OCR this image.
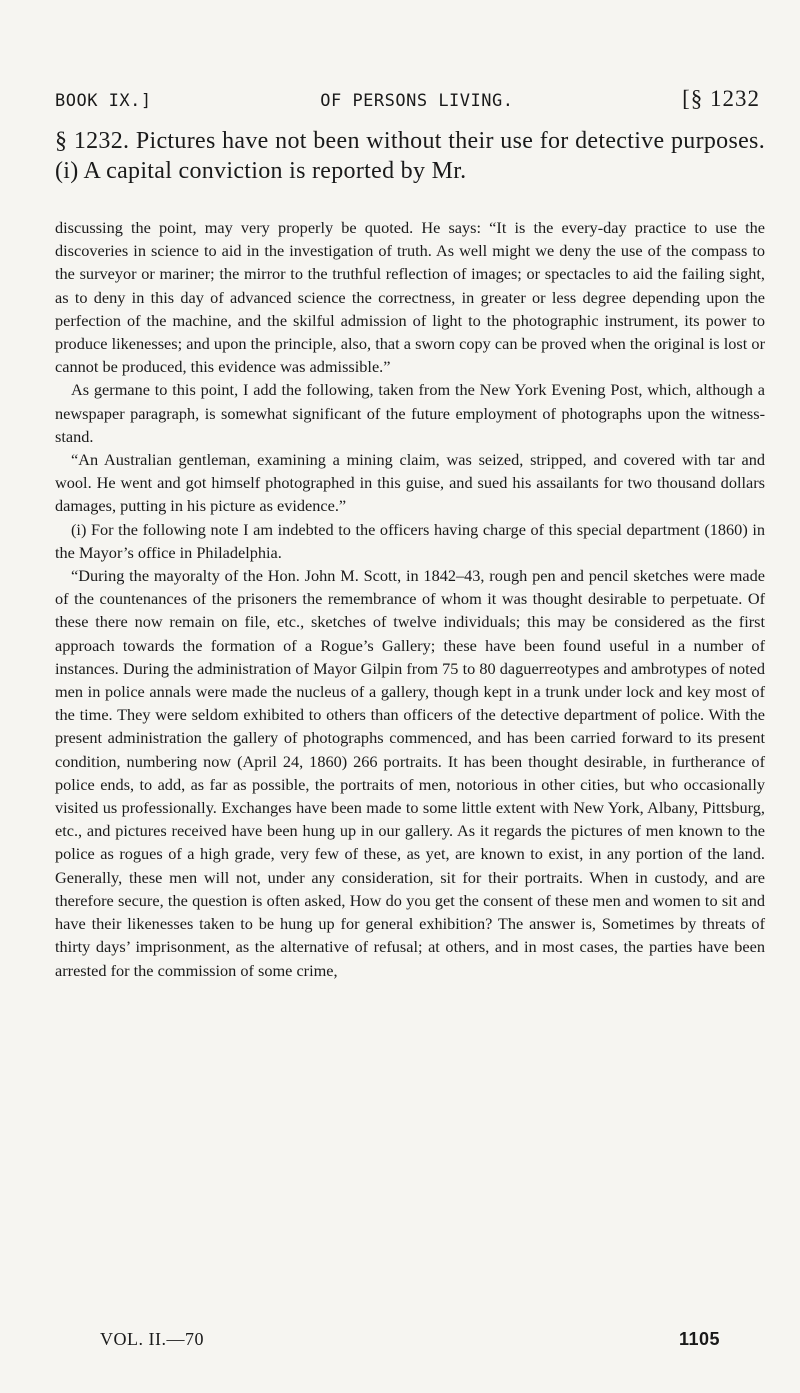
BOOK IX.]	OF PERSONS LIVING.	[§ 1232
§ 1232. Pictures have not been without their use for detective purposes.(i) A capital conviction is reported by Mr.

discussing the point, may very properly be quoted. He says: “It is the every-day practice to use the discoveries in science to aid in the investigation of truth. As well might we deny the use of the compass to the surveyor or mariner; the mirror to the truthful reflection of images; or spectacles to aid the failing sight, as to deny in this day of advanced science the correctness, in greater or less degree depending upon the perfection of the machine, and the skilful admission of light to the photographic instrument, its power to produce likenesses; and upon the principle, also, that a sworn copy can be proved when the original is lost or cannot be produced, this evidence was admissible.”

As germane to this point, I add the following, taken from the New York Evening Post, which, although a newspaper paragraph, is somewhat significant of the future employment of photographs upon the witness-stand.

“An Australian gentleman, examining a mining claim, was seized, stripped, and covered with tar and wool. He went and got himself photographed in this guise, and sued his assailants for two thousand dollars damages, putting in his picture as evidence.”

(i) For the following note I am indebted to the officers having charge of this special department (1860) in the Mayor’s office in Philadelphia.

“During the mayoralty of the Hon. John M. Scott, in 1842–43, rough pen and pencil sketches were made of the countenances of the prisoners the remembrance of whom it was thought desirable to perpetuate. Of these there now remain on file, etc., sketches of twelve individuals; this may be considered as the first approach towards the formation of a Rogue’s Gallery; these have been found useful in a number of instances. During the administration of Mayor Gilpin from 75 to 80 daguerreotypes and ambrotypes of noted men in police annals were made the nucleus of a gallery, though kept in a trunk under lock and key most of the time. They were seldom exhibited to others than officers of the detective department of police. With the present administration the gallery of photographs commenced, and has been carried forward to its present condition, numbering now (April 24, 1860) 266 portraits. It has been thought desirable, in furtherance of police ends, to add, as far as possible, the portraits of men, notorious in other cities, but who occasionally visited us professionally. Exchanges have been made to some little extent with New York, Albany, Pittsburg, etc., and pictures received have been hung up in our gallery. As it regards the pictures of men known to the police as rogues of a high grade, very few of these, as yet, are known to exist, in any portion of the land. Generally, these men will not, under any consideration, sit for their portraits. When in custody, and are therefore secure, the question is often asked, How do you get the consent of these men and women to sit and have their likenesses taken to be hung up for general exhibition? The answer is, Sometimes by threats of thirty days’ imprisonment, as the alternative of refusal; at others, and in most cases, the parties have been arrested for the commission of some crime,

VOL. II.—70	1105
